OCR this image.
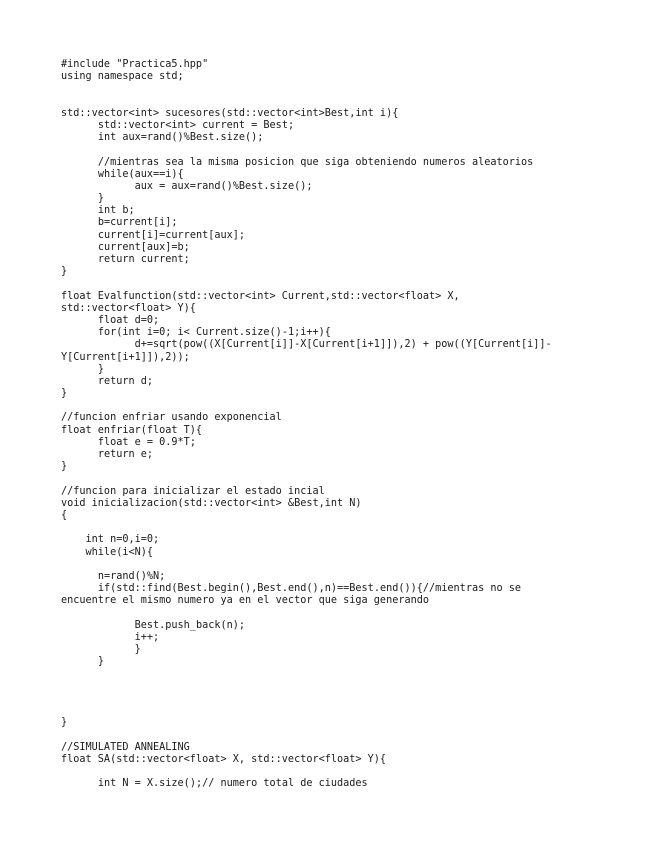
#include "Practica5.hpp"
using namespace std;
std::vector<int> sucesores(std::vector<int>Best,int i){
	std::vector<int> current = Best;
	int aux=rand()%Best.size();
	//mientras sea la misma posicion que siga obteniendo numeros aleatorios
	while(aux==i){
		aux = aux=rand()%Best.size();
	}
	int b;
	b=current[i];
	current[i]=current[aux];
	current[aux]=b;
	return current;
}
float Evalfunction(std::vector<int> Current,std::vector<float> X,
std::vector<float> Y){
	float d=0;
	for(int i=0; i< Current.size()-1;i++){
		d+=sqrt(pow((X[Current[i]]-X[Current[i+1]]),2) + pow((Y[Current[i]]-
Y[Current[i+1]]),2));
	}
	return d;
}
//funcion enfriar usando exponencial
float enfriar(float T){
	float e = 0.9*T;
	return e;
}
//funcion para inicializar el estado incial
void inicializacion(std::vector<int> &Best,int N)
{
int n=0,i=0;
while(i<N){
	n=rand()%N;
	if(std::find(Best.begin(),Best.end(),n)==Best.end()){//mientras no se
encuentre el mismo numero ya en el vector que siga generando
		Best.push_back(n);
		i++;
		}
	}
}
//SIMULATED ANNEALING
float SA(std::vector<float> X, std::vector<float> Y){
	int N = X.size();// numero total de ciudades
